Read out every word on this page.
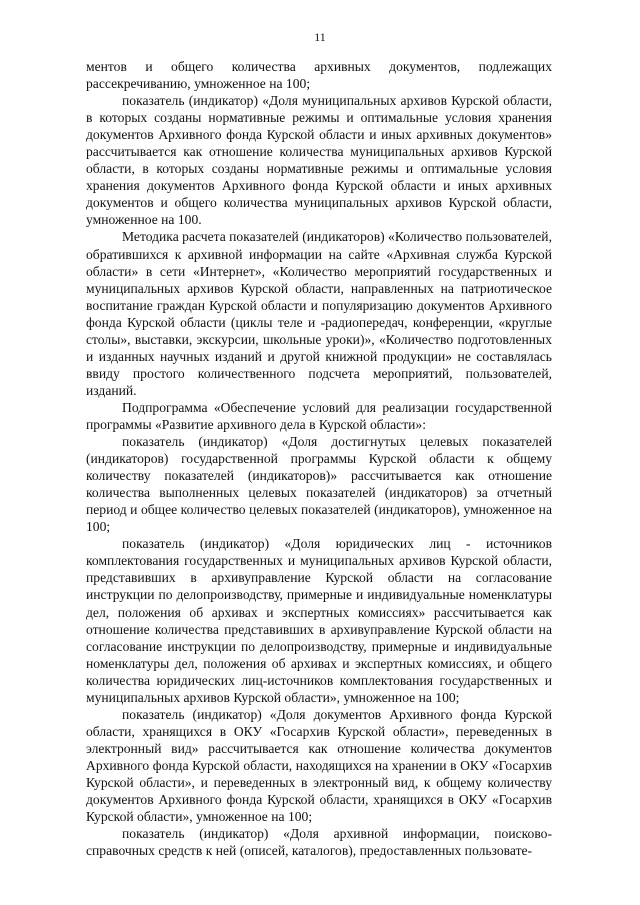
11

ментов и общего количества архивных документов, подлежащих рассекречиванию, умноженное на 100;

показатель (индикатор) «Доля муниципальных архивов Курской области, в которых созданы нормативные режимы и оптимальные условия хранения документов Архивного фонда Курской области и иных архивных документов» рассчитывается как отношение количества муниципальных архивов Курской области, в которых созданы нормативные режимы и оптимальные условия хранения документов Архивного фонда Курской области и иных архивных документов и общего количества муниципальных архивов Курской области, умноженное на 100.

Методика расчета показателей (индикаторов) «Количество пользователей, обратившихся к архивной информации на сайте «Архивная служба Курской области» в сети «Интернет», «Количество мероприятий государственных и муниципальных архивов Курской области, направленных на патриотическое воспитание граждан Курской области и популяризацию документов Архивного фонда Курской области (циклы теле и -радиопередач, конференции, «круглые столы», выставки, экскурсии, школьные уроки)», «Количество подготовленных и изданных научных изданий и другой книжной продукции» не составлялась ввиду простого количественного подсчета мероприятий, пользователей, изданий.

Подпрограмма «Обеспечение условий для реализации государственной программы «Развитие архивного дела в Курской области»:

показатель (индикатор) «Доля достигнутых целевых показателей (индикаторов) государственной программы Курской области к общему количеству показателей (индикаторов)» рассчитывается как отношение количества выполненных целевых показателей (индикаторов) за отчетный период и общее количество целевых показателей (индикаторов), умноженное на 100;

показатель (индикатор) «Доля юридических лиц - источников комплектования государственных и муниципальных архивов Курской области, представивших в архивуправление Курской области на согласование инструкции по делопроизводству, примерные и индивидуальные номенклатуры дел, положения об архивах и экспертных комиссиях» рассчитывается как отношение количества представивших в архивуправление Курской области на согласование инструкции по делопроизводству, примерные и индивидуальные номенклатуры дел, положения об архивах и экспертных комиссиях, и общего количества юридических лиц-источников комплектования государственных и муниципальных архивов Курской области», умноженное на 100;

показатель (индикатор) «Доля документов Архивного фонда Курской области, хранящихся в ОКУ «Госархив Курской области», переведенных в электронный вид» рассчитывается как отношение количества документов Архивного фонда Курской области, находящихся на хранении в ОКУ «Госархив Курской области», и переведенных в электронный вид, к общему количеству документов Архивного фонда Курской области, хранящихся в ОКУ «Госархив Курской области», умноженное на 100;

показатель (индикатор) «Доля архивной информации, поисково-справочных средств к ней (описей, каталогов), предоставленных пользовате-
